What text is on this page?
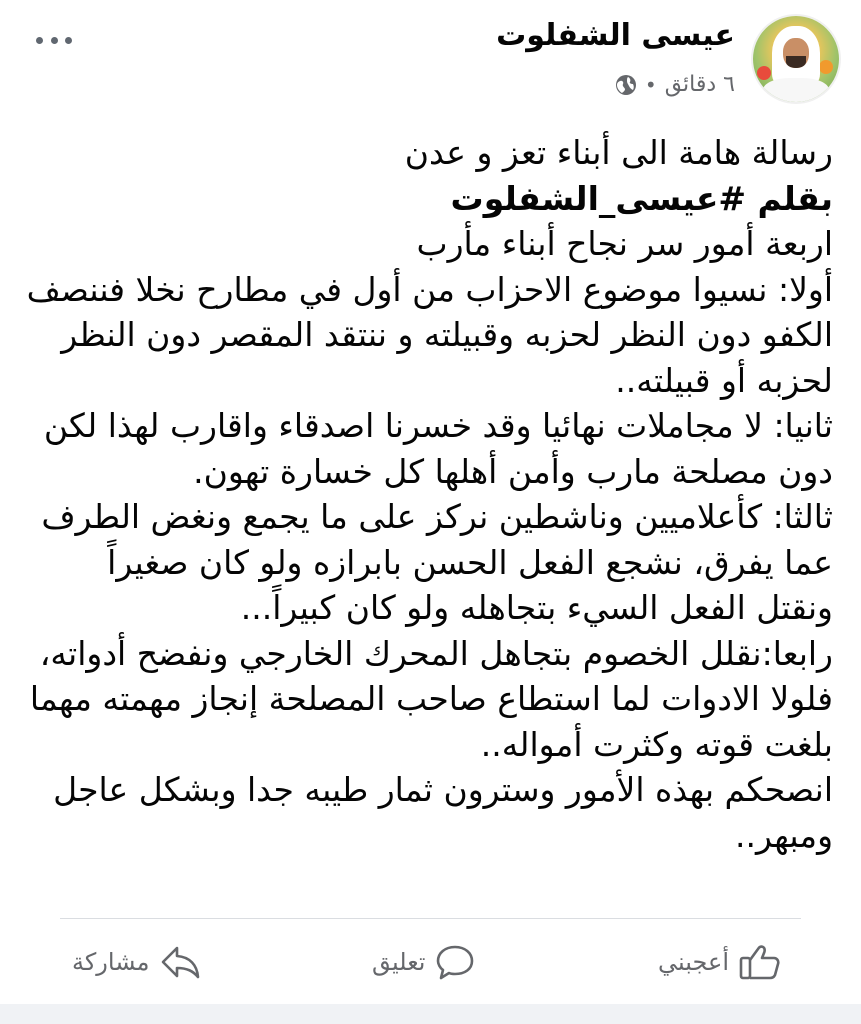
عيسى الشفلوت
٦ دقائق
•

رسالة هامة الى أبناء تعز و عدن

بقلم #عيسى_الشفلوت

اربعة أمور سر نجاح أبناء مأرب

أولا: نسيوا موضوع الاحزاب من أول في مطارح نخلا فننصف الكفو دون النظر لحزبه وقبيلته و ننتقد المقصر دون النظر لحزبه أو قبيلته..

ثانيا: لا مجاملات نهائيا وقد خسرنا اصدقاء واقارب لهذا لكن دون مصلحة مارب وأمن أهلها كل خسارة تهون.

ثالثا: كأعلاميين وناشطين نركز على ما يجمع ونغض الطرف عما يفرق، نشجع الفعل الحسن بابرازه ولو كان صغيراً ونقتل الفعل السيء بتجاهله ولو كان كبيراً...

رابعا:نقلل الخصوم بتجاهل المحرك الخارجي ونفضح أدواته، فلولا الادوات لما استطاع صاحب المصلحة إنجاز مهمته مهما بلغت قوته وكثرت أمواله..

انصحكم بهذه الأمور وسترون ثمار طيبه جدا وبشكل عاجل ومبهر..

أعجبني
تعليق
مشاركة
